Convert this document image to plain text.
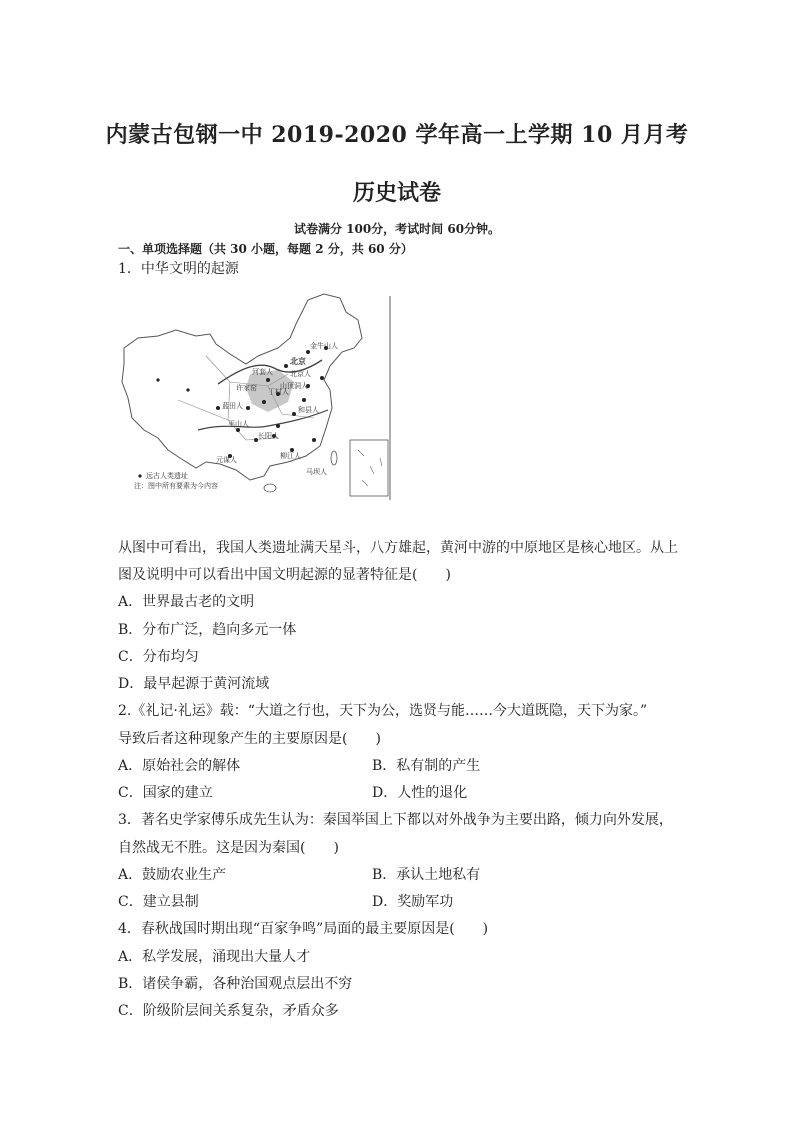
内蒙古包钢一中 2019-2020 学年高一上学期 10 月月考
历史试卷
试卷满分 100分，考试时间 60分钟。
一、单项选择题（共 30 小题，每题 2 分，共 60 分）
1．中华文明的起源
北京
金牛山人
北京人
山顶洞人
丁村人
蓝田人
许家窑
和县人
长阳人
巫山人
元谋人	柳江人
马坝人
河套人
远古人类遗址
注：图中所有要素为今内容
从图中可看出，我国人类遗址满天星斗，八方雄起，黄河中游的中原地区是核心地区。从上
图及说明中可以看出中国文明起源的显著特征是(　　)
A．世界最古老的文明
B．分布广泛，趋向多元一体
C．分布均匀
D．最早起源于黄河流域
2.《礼记·礼运》载：“大道之行也，天下为公，选贤与能……今大道既隐，天下为家。”
导致后者这种现象产生的主要原因是(　　)
A．原始社会的解体	B．私有制的产生
C．国家的建立	D．人性的退化
3．著名史学家傅乐成先生认为：秦国举国上下都以对外战争为主要出路，倾力向外发展，
自然战无不胜。这是因为秦国(　　)
A．鼓励农业生产	B．承认土地私有
C．建立县制	D．奖励军功
4．春秋战国时期出现“百家争鸣”局面的最主要原因是(　　)
A．私学发展，涌现出大量人才
B．诸侯争霸，各种治国观点层出不穷
C．阶级阶层间关系复杂，矛盾众多
